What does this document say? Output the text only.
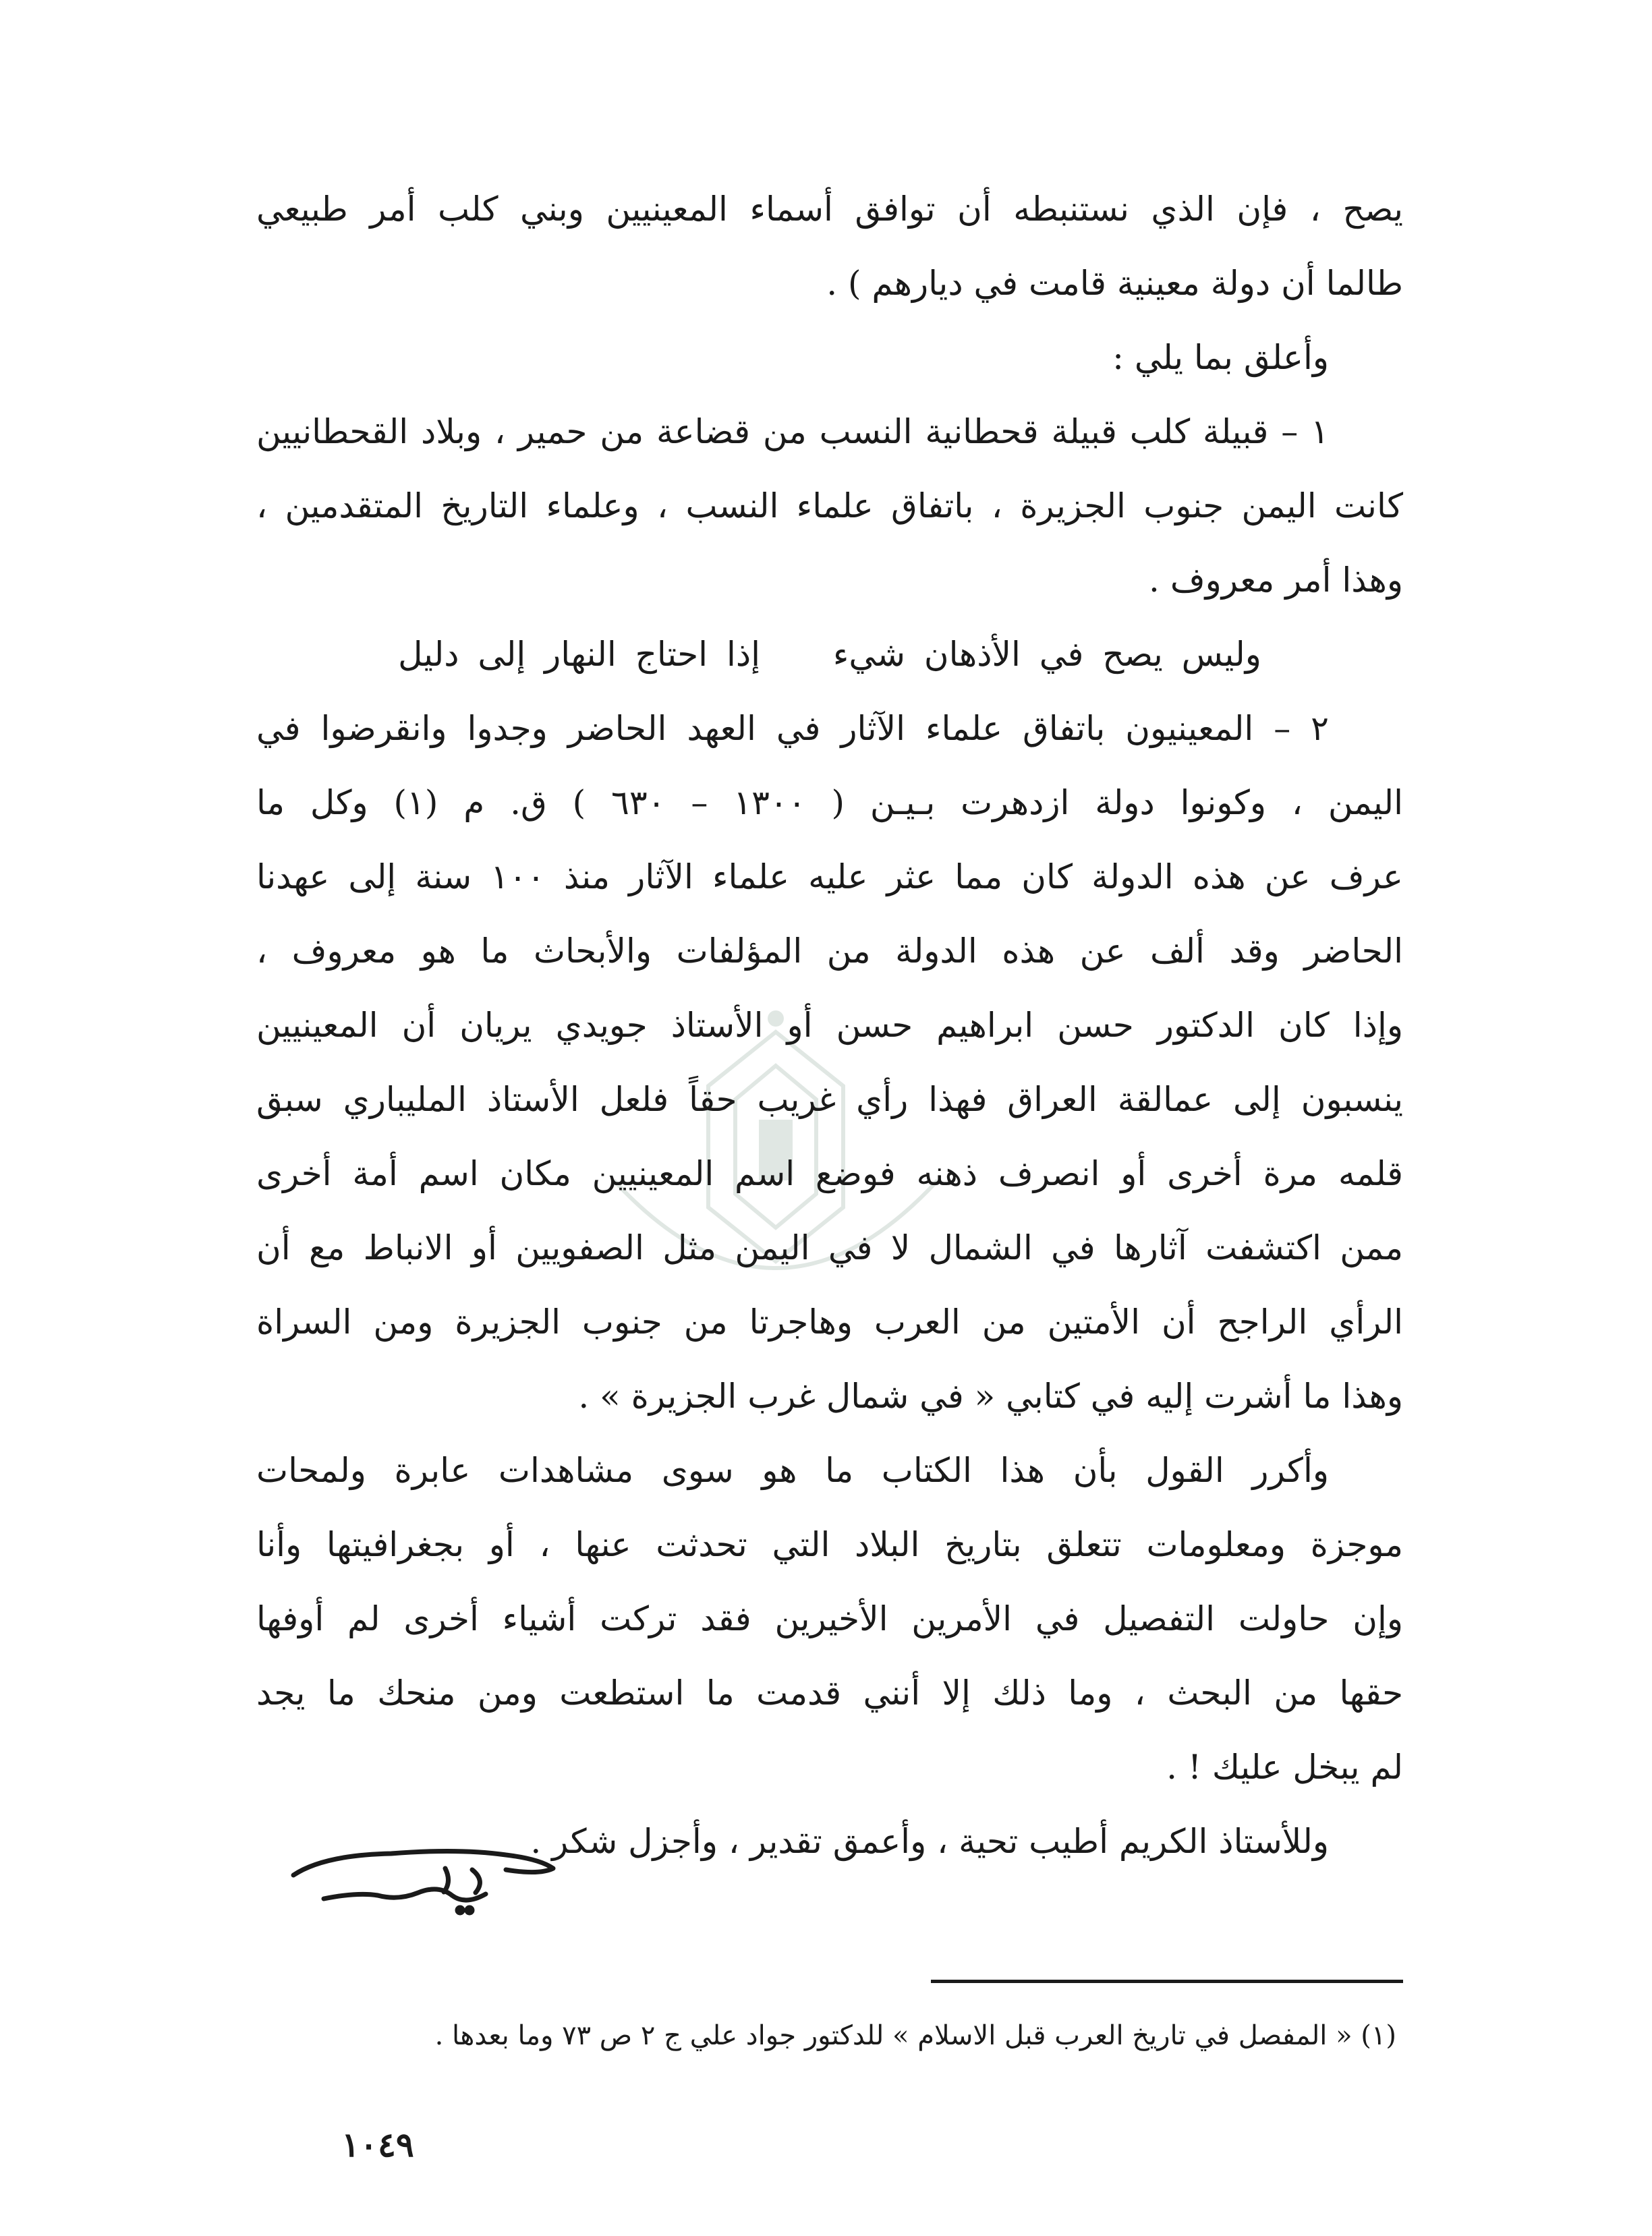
يصح ، فإن الذي نستنبطه أن توافق أسماء المعينيين وبني كلب أمر طبيعي
طالما أن دولة معينية قامت في ديارهم ) .
وأعلق بما يلي :
١ – قبيلة كلب قبيلة قحطانية النسب من قضاعة من حمير ، وبلاد القحطانيين
كانت اليمن جنوب الجزيرة ، باتفاق علماء النسب ، وعلماء التاريخ المتقدمين ،
وهذا أمر معروف .
وليس يصح في الأذهان شيء إذا احتاج النهار إلى دليل
٢ – المعينيون باتفاق علماء الآثار في العهد الحاضر وجدوا وانقرضوا في
اليمن ، وكونوا دولة ازدهرت بـيـن ( ١٣٠٠ – ٦٣٠ ) ق. م (١) وكل ما
عرف عن هذه الدولة كان مما عثر عليه علماء الآثار منذ ١٠٠ سنة إلى عهدنا
الحاضر وقد ألف عن هذه الدولة من المؤلفات والأبحاث ما هو معروف ،
وإذا كان الدكتور حسن ابراهيم حسن أو الأستاذ جويدي يريان أن المعينيين
ينسبون إلى عمالقة العراق فهذا رأي غريب حقاً فلعل الأستاذ المليباري سبق
قلمه مرة أخرى أو انصرف ذهنه فوضع اسم المعينيين مكان اسم أمة أخرى
ممن اكتشفت آثارها في الشمال لا في اليمن مثل الصفويين أو الانباط مع أن
الرأي الراجح أن الأمتين من العرب وهاجرتا من جنوب الجزيرة ومن السراة
وهذا ما أشرت إليه في كتابي « في شمال غرب الجزيرة » .
وأكرر القول بأن هذا الكتاب ما هو سوى مشاهدات عابرة ولمحات
موجزة ومعلومات تتعلق بتاريخ البلاد التي تحدثت عنها ، أو بجغرافيتها وأنا
وإن حاولت التفصيل في الأمرين الأخيرين فقد تركت أشياء أخرى لم أوفها
حقها من البحث ، وما ذلك إلا أنني قدمت ما استطعت ومن منحك ما يجد
لم يبخل عليك ! .
وللأستاذ الكريم أطيب تحية ، وأعمق تقدير ، وأجزل شكر .
(١) « المفصل في تاريخ العرب قبل الاسلام » للدكتور جواد علي ج ٢ ص ٧٣ وما بعدها .
١٠٤٩
